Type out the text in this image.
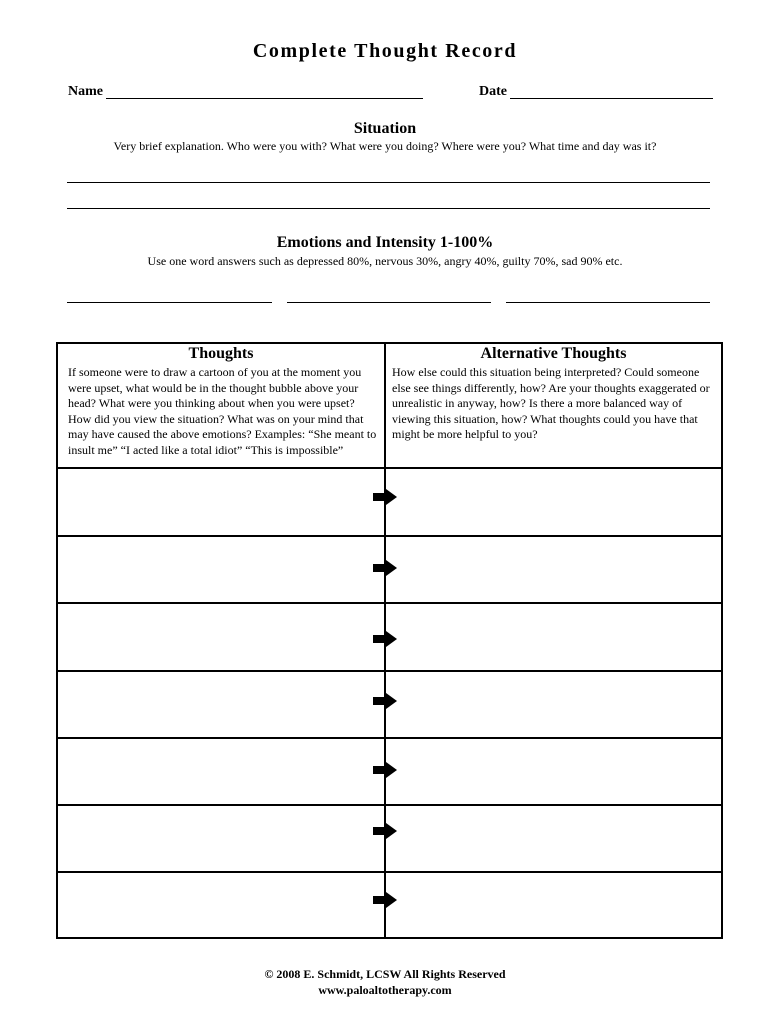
Complete Thought Record
Name	Date
Situation
Very brief explanation. Who were you with? What were you doing? Where were you? What time and day was it?
Emotions and Intensity 1-100%
Use one word answers such as depressed 80%, nervous 30%, angry 40%, guilty 70%, sad 90% etc.
Thoughts
If someone were to draw a cartoon of you at the moment you were upset, what would be in the thought bubble above your head? What were you thinking about when you were upset? How did you view the situation? What was on your mind that may have caused the above emotions? Examples: “She meant to insult me” “I acted like a total idiot” “This is impossible”
Alternative Thoughts
How else could this situation being interpreted? Could someone else see things differently, how? Are your thoughts exaggerated or unrealistic in anyway, how? Is there a more balanced way of viewing this situation, how? What thoughts could you have that might be more helpful to you?
© 2008 E. Schmidt, LCSW All Rights Reserved
www.paloaltotherapy.com
